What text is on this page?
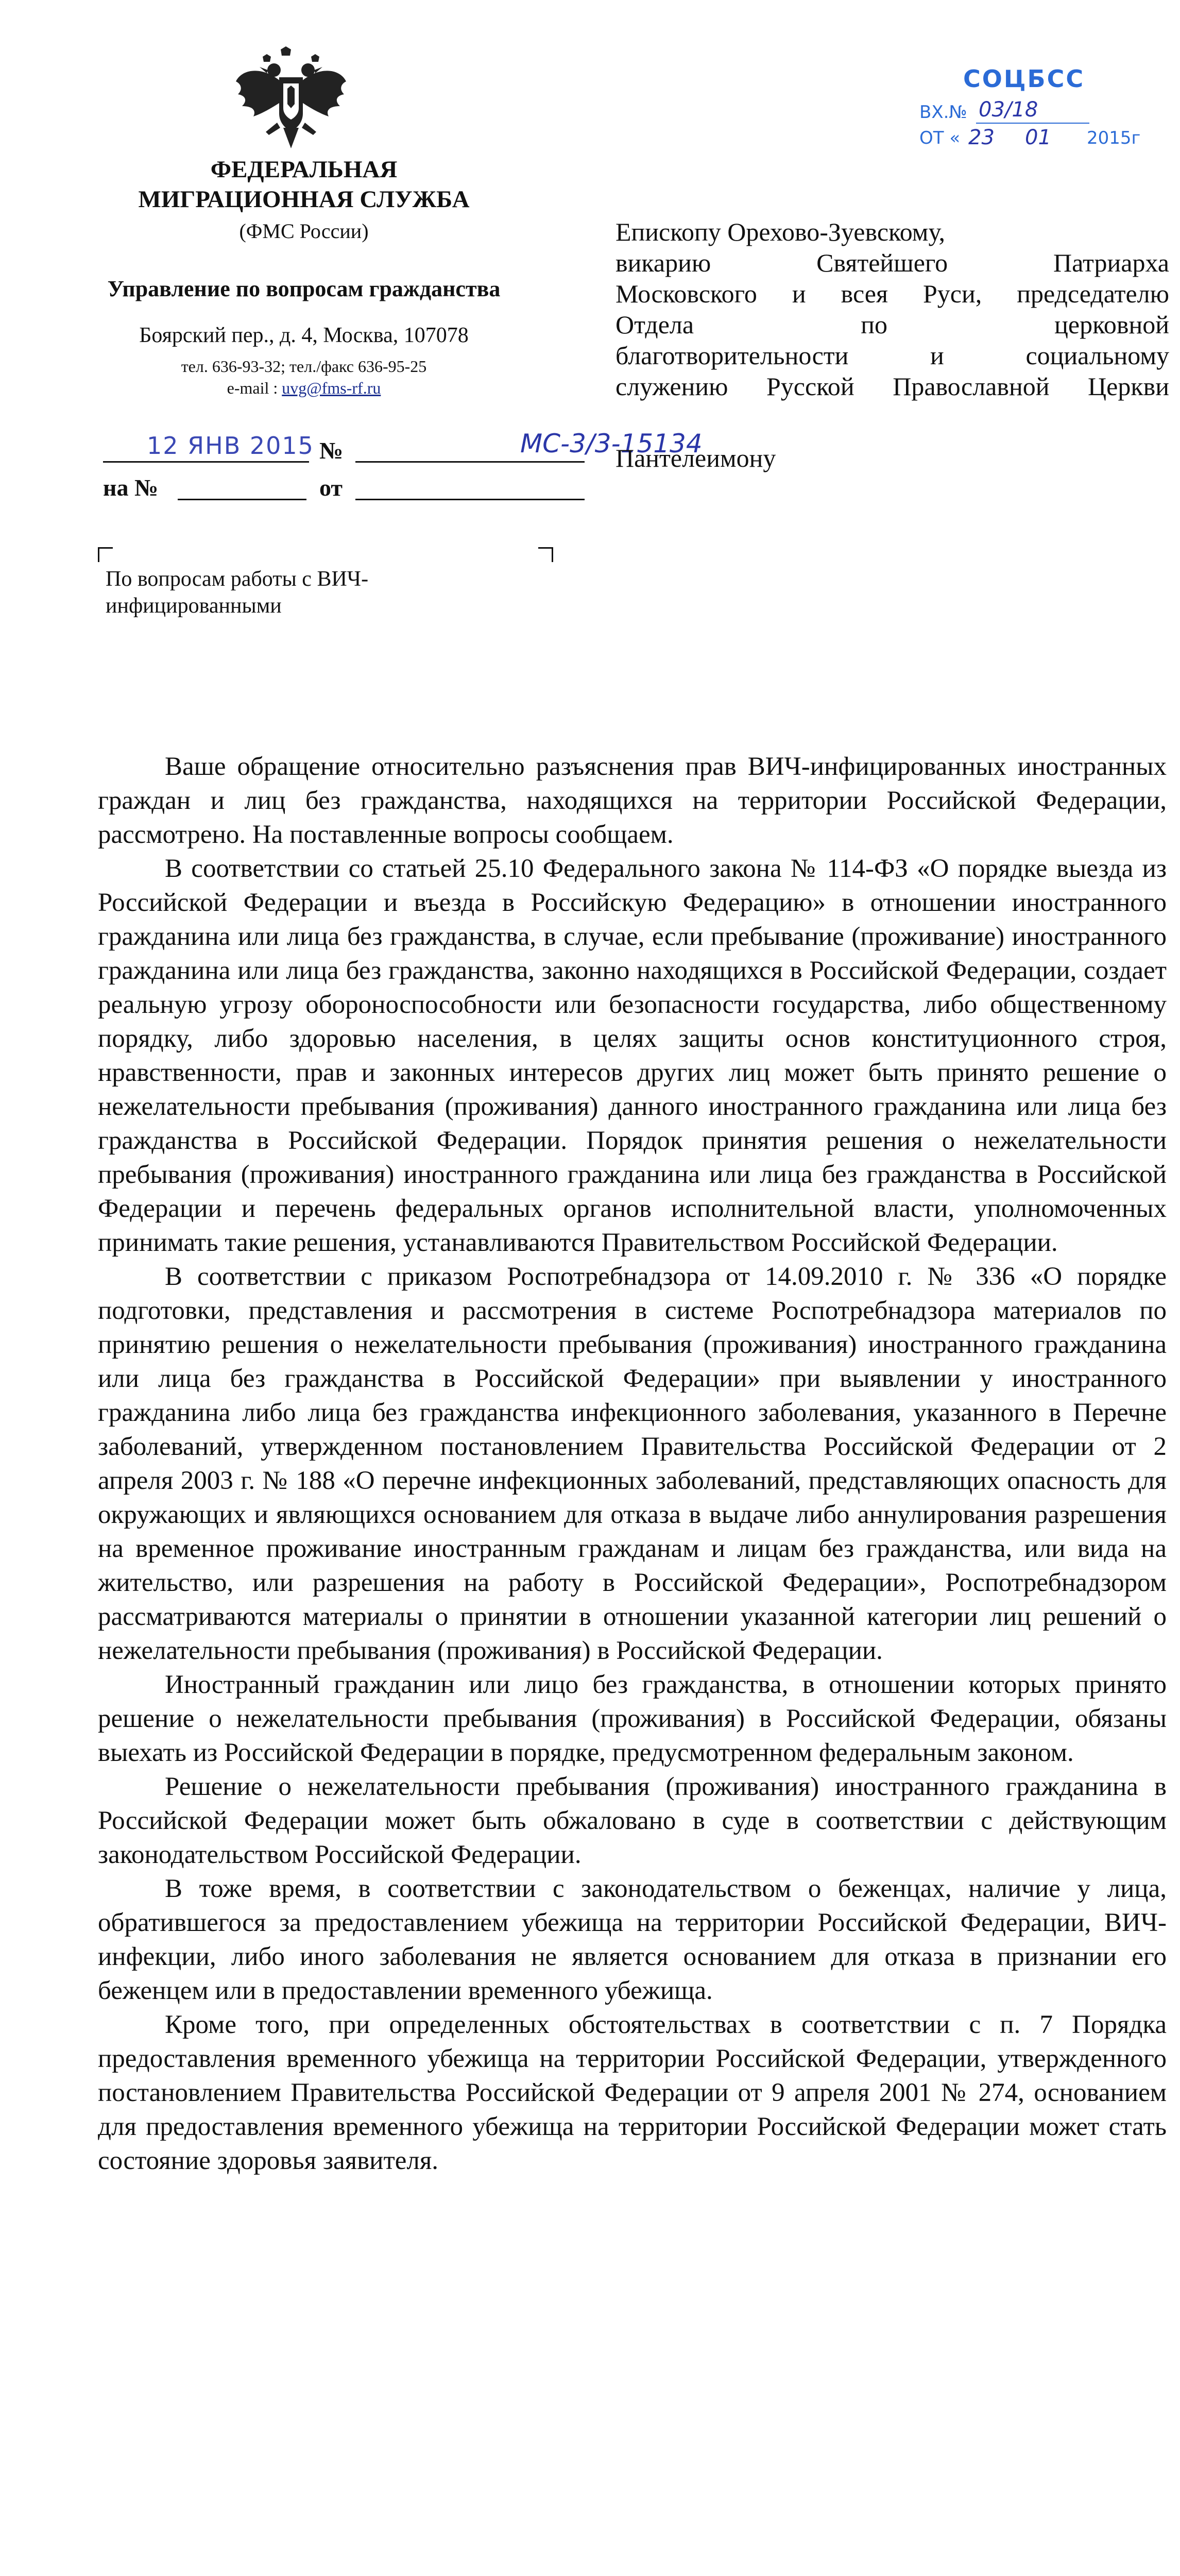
ФЕДЕРАЛЬНАЯ
МИГРАЦИОННАЯ СЛУЖБА
(ФМС России)
Управление по вопросам гражданства
Боярский пер., д. 4, Москва, 107078
тел. 636-93-32; тел./факс 636-95-25
e-mail : uvg@fms-rf.ru
12 ЯНВ 2015 №	МС-3/3-15134
на №	от
По вопросам работы с ВИЧ-инфицированными
СОЦБСС
ВХ.№ 03/18
ОТ « 23 01 2015г

Епископу Орехово-Зуевскому,

викарию Святейшего Патриарха

Московского и всея Руси, председателю

Отдела по церковной

благотворительности и социальному

служению Русской Православной Церкви

Пантелеимону

Ваше обращение относительно разъяснения прав ВИЧ-инфицированных иностранных граждан и лиц без гражданства, находящихся на территории Российской Федерации, рассмотрено. На поставленные вопросы сообщаем.

В соответствии со статьей 25.10 Федерального закона № 114-ФЗ «О порядке выезда из Российской Федерации и въезда в Российскую Федерацию» в отношении иностранного гражданина или лица без гражданства, в случае, если пребывание (проживание) иностранного гражданина или лица без гражданства, законно находящихся в Российской Федерации, создает реальную угрозу обороноспособности или безопасности государства, либо общественному порядку, либо здоровью населения, в целях защиты основ конституционного строя, нравственности, прав и законных интересов других лиц может быть принято решение о нежелательности пребывания (проживания) данного иностранного гражданина или лица без гражданства в Российской Федерации. Порядок принятия решения о нежелательности пребывания (проживания) иностранного гражданина или лица без гражданства в Российской Федерации и перечень федеральных органов исполнительной власти, уполномоченных принимать такие решения, устанавливаются Правительством Российской Федерации.

В соответствии с приказом Роспотребнадзора от 14.09.2010 г. № 336 «О порядке подготовки, представления и рассмотрения в системе Роспотребнадзора материалов по принятию решения о нежелательности пребывания (проживания) иностранного гражданина или лица без гражданства в Российской Федерации» при выявлении у иностранного гражданина либо лица без гражданства инфекционного заболевания, указанного в Перечне заболеваний, утвержденном постановлением Правительства Российской Федерации от 2 апреля 2003 г. № 188 «О перечне инфекционных заболеваний, представляющих опасность для окружающих и являющихся основанием для отказа в выдаче либо аннулирования разрешения на временное проживание иностранным гражданам и лицам без гражданства, или вида на жительство, или разрешения на работу в Российской Федерации», Роспотребнадзором рассматриваются материалы о принятии в отношении указанной категории лиц решений о нежелательности пребывания (проживания) в Российской Федерации.

Иностранный гражданин или лицо без гражданства, в отношении которых принято решение о нежелательности пребывания (проживания) в Российской Федерации, обязаны выехать из Российской Федерации в порядке, предусмотренном федеральным законом.

Решение о нежелательности пребывания (проживания) иностранного гражданина в Российской Федерации может быть обжаловано в суде в соответствии с действующим законодательством Российской Федерации.

В тоже время, в соответствии с законодательством о беженцах, наличие у лица, обратившегося за предоставлением убежища на территории Российской Федерации, ВИЧ-инфекции, либо иного заболевания не является основанием для отказа в признании его беженцем или в предоставлении временного убежища.

Кроме того, при определенных обстоятельствах в соответствии с п. 7 Порядка предоставления временного убежища на территории Российской Федерации, утвержденного постановлением Правительства Российской Федерации от 9 апреля 2001 № 274, основанием для предоставления временного убежища на территории Российской Федерации может стать состояние здоровья заявителя.
